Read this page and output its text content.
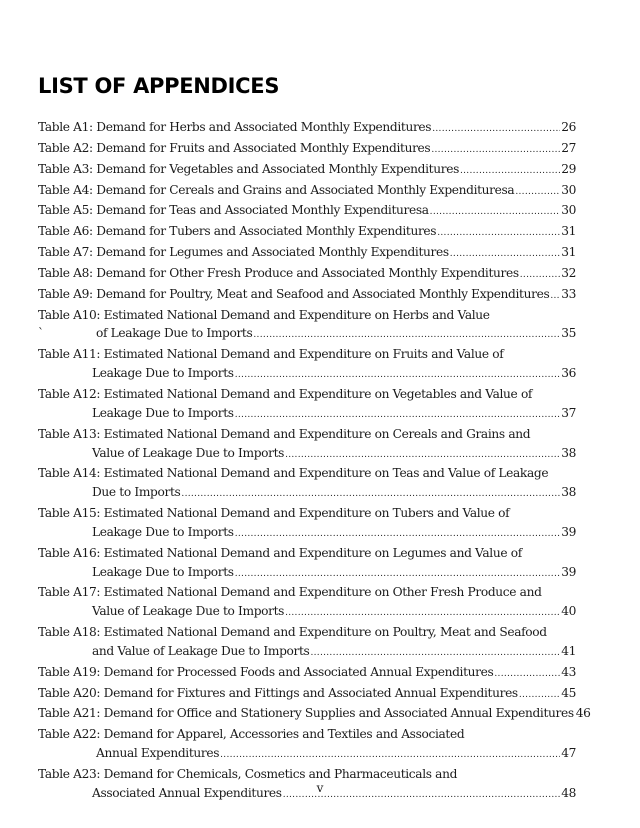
LIST OF APPENDICES
Table A1: Demand for Herbs and Associated Monthly Expenditures .....	26
Table A2: Demand for Fruits and Associated Monthly Expenditures .....	27
Table A3: Demand for Vegetables and Associated Monthly Expenditures .....	29
Table A4: Demand for Cereals and Grains and Associated Monthly Expendituresa .....	30
Table A5: Demand for Teas and Associated Monthly Expendituresa .....	30
Table A6: Demand for Tubers and Associated Monthly Expenditures .....	31
Table A7: Demand for Legumes and Associated Monthly Expenditures .....	31
Table A8: Demand for Other Fresh Produce and Associated Monthly Expenditures .....	32
Table A9: Demand for Poultry, Meat and Seafood and Associated Monthly Expenditures ..... 33
Table A10: Estimated National Demand and Expenditure on Herbs and Value
`	of Leakage Due to Imports .....	35
Table A11: Estimated National Demand and Expenditure on Fruits and Value of
Leakage Due to Imports .....	36
Table A12: Estimated National Demand and Expenditure on Vegetables and Value of
Leakage Due to Imports .....	37
Table A13: Estimated National Demand and Expenditure on Cereals and Grains and
Value of Leakage Due to Imports .....	38
Table A14: Estimated National Demand and Expenditure on Teas and Value of Leakage
Due to Imports .....	38
Table A15: Estimated National Demand and Expenditure on Tubers and Value of
Leakage Due to Imports .....	39
Table A16: Estimated National Demand and Expenditure on Legumes and Value of
Leakage Due to Imports .....	39
Table A17: Estimated National Demand and Expenditure on Other Fresh Produce and
Value of Leakage Due to Imports .....	40
Table A18: Estimated National Demand and Expenditure on Poultry, Meat and Seafood
and Value of Leakage Due to Imports .....	41
Table A19: Demand for Processed Foods and Associated Annual Expenditures .....	43
Table A20: Demand for Fixtures and Fittings and Associated Annual Expenditures .....	45
Table A21: Demand for Office and Stationery Supplies and Associated Annual Expenditures 46
Table A22: Demand for Apparel, Accessories and Textiles and Associated
Annual Expenditures .....	47
Table A23: Demand for Chemicals, Cosmetics and Pharmaceuticals and
Associated Annual Expenditures .....	48
v
